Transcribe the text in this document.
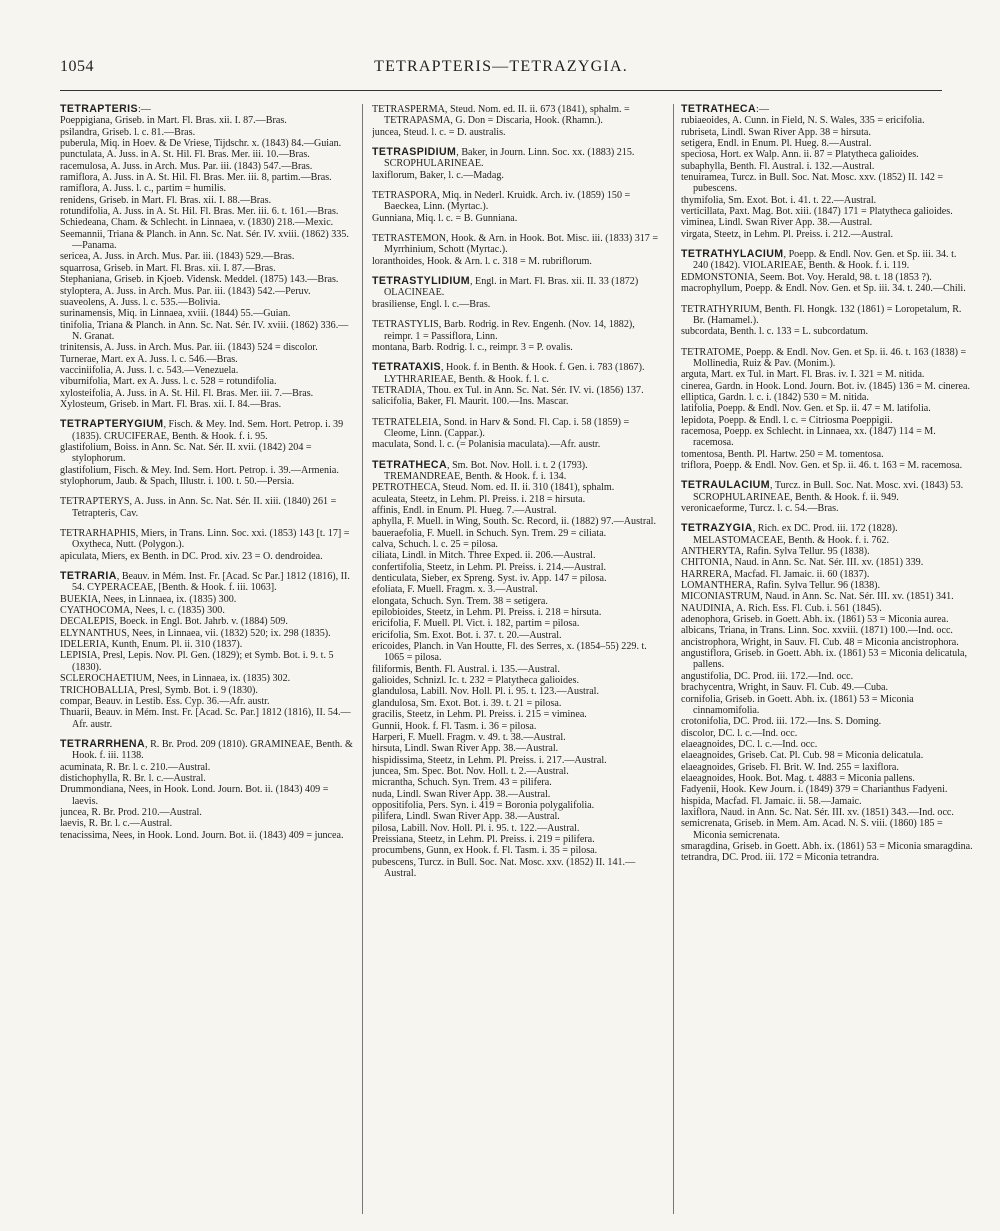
1054	TETRAPTERIS—TETRAZYGIA.

TETRAPTERIS:—

Poeppigiana, Griseb. in Mart. Fl. Bras. xii. I. 87.—Bras.

psilandra, Griseb. l. c. 81.—Bras.

puberula, Miq. in Hoev. & De Vriese, Tijdschr. x. (1843) 84.—Guian.

punctulata, A. Juss. in A. St. Hil. Fl. Bras. Mer. iii. 10.—Bras.

racemulosa, A. Juss. in Arch. Mus. Par. iii. (1843) 547.—Bras.

ramiflora, A. Juss. in A. St. Hil. Fl. Bras. Mer. iii. 8, partim.—Bras.

ramiflora, A. Juss. l. c., partim = humilis.

renidens, Griseb. in Mart. Fl. Bras. xii. I. 88.—Bras.

rotundifolia, A. Juss. in A. St. Hil. Fl. Bras. Mer. iii. 6. t. 161.—Bras.

Schiedeana, Cham. & Schlecht. in Linnaea, v. (1830) 218.—Mexic.

Seemannii, Triana & Planch. in Ann. Sc. Nat. Sér. IV. xviii. (1862) 335.—Panama.

sericea, A. Juss. in Arch. Mus. Par. iii. (1843) 529.—Bras.

squarrosa, Griseb. in Mart. Fl. Bras. xii. I. 87.—Bras.

Stephaniana, Griseb. in Kjoeb. Vidensk. Meddel. (1875) 143.—Bras.

styloptera, A. Juss. in Arch. Mus. Par. iii. (1843) 542.—Peruv.

suaveolens, A. Juss. l. c. 535.—Bolivia.

surinamensis, Miq. in Linnaea, xviii. (1844) 55.—Guian.

tinifolia, Triana & Planch. in Ann. Sc. Nat. Sér. IV. xviii. (1862) 336.—N. Granat.

trinitensis, A. Juss. in Arch. Mus. Par. iii. (1843) 524 = discolor.

Turnerae, Mart. ex A. Juss. l. c. 546.—Bras.

vacciniifolia, A. Juss. l. c. 543.—Venezuela.

viburnifolia, Mart. ex A. Juss. l. c. 528 = rotundifolia.

xylosteifolia, A. Juss. in A. St. Hil. Fl. Bras. Mer. iii. 7.—Bras.

Xylosteum, Griseb. in Mart. Fl. Bras. xii. I. 84.—Bras.

TETRAPTERYGIUM, Fisch. & Mey. Ind. Sem. Hort. Petrop. i. 39 (1835). CRUCIFERAE, Benth. & Hook. f. i. 95.

glastifolium, Boiss. in Ann. Sc. Nat. Sér. II. xvii. (1842) 204 = stylophorum.

glastifolium, Fisch. & Mey. Ind. Sem. Hort. Petrop. i. 39.—Armenia.

stylophorum, Jaub. & Spach, Illustr. i. 100. t. 50.—Persia.

TETRAPTERYS, A. Juss. in Ann. Sc. Nat. Sér. II. xiii. (1840) 261 = Tetrapteris, Cav.

TETRARHAPHIS, Miers, in Trans. Linn. Soc. xxi. (1853) 143 [t. 17] = Oxytheca, Nutt. (Polygon.).

apiculata, Miers, ex Benth. in DC. Prod. xiv. 23 = O. dendroidea.

TETRARIA, Beauv. in Mém. Inst. Fr. [Acad. Sc Par.] 1812 (1816), II. 54. CYPERACEAE, [Benth. & Hook. f. iii. 1063].

BUEKIA, Nees, in Linnaea, ix. (1835) 300.

CYATHOCOMA, Nees, l. c. (1835) 300.

DECALEPIS, Boeck. in Engl. Bot. Jahrb. v. (1884) 509.

ELYNANTHUS, Nees, in Linnaea, vii. (1832) 520; ix. 298 (1835).

IDELERIA, Kunth, Enum. Pl. ii. 310 (1837).

LEPISIA, Presl, Lepis. Nov. Pl. Gen. (1829); et Symb. Bot. i. 9. t. 5 (1830).

SCLEROCHAETIUM, Nees, in Linnaea, ix. (1835) 302.

TRICHOBALLIA, Presl, Symb. Bot. i. 9 (1830).

compar, Beauv. in Lestib. Ess. Cyp. 36.—Afr. austr.

Thuarii, Beauv. in Mém. Inst. Fr. [Acad. Sc. Par.] 1812 (1816), II. 54.—Afr. austr.

TETRARRHENA, R. Br. Prod. 209 (1810). GRAMINEAE, Benth. & Hook. f. iii. 1138.

acuminata, R. Br. l. c. 210.—Austral.

distichophylla, R. Br. l. c.—Austral.

Drummondiana, Nees, in Hook. Lond. Journ. Bot. ii. (1843) 409 = laevis.

juncea, R. Br. Prod. 210.—Austral.

laevis, R. Br. l. c.—Austral.

tenacissima, Nees, in Hook. Lond. Journ. Bot. ii. (1843) 409 = juncea.

TETRASPERMA, Steud. Nom. ed. II. ii. 673 (1841), sphalm. = TETRAPASMA, G. Don = Discaria, Hook. (Rhamn.).

juncea, Steud. l. c. = D. australis.

TETRASPIDIUM, Baker, in Journ. Linn. Soc. xx. (1883) 215. SCROPHULARINEAE.

laxiflorum, Baker, l. c.—Madag.

TETRASPORA, Miq. in Nederl. Kruidk. Arch. iv. (1859) 150 = Baeckea, Linn. (Myrtac.).

Gunniana, Miq. l. c. = B. Gunniana.

TETRASTEMON, Hook. & Arn. in Hook. Bot. Misc. iii. (1833) 317 = Myrrhinium, Schott (Myrtac.).

loranthoides, Hook. & Arn. l. c. 318 = M. rubriflorum.

TETRASTYLIDIUM, Engl. in Mart. Fl. Bras. xii. II. 33 (1872) OLACINEAE.

brasiliense, Engl. l. c.—Bras.

TETRASTYLIS, Barb. Rodrig. in Rev. Engenh. (Nov. 14, 1882), reimpr. 1 = Passiflora, Linn.

montana, Barb. Rodrig. l. c., reimpr. 3 = P. ovalis.

TETRATAXIS, Hook. f. in Benth. & Hook. f. Gen. i. 783 (1867). LYTHRARIEAE, Benth. & Hook. f. l. c.

TETRADIA, Thou. ex Tul. in Ann. Sc. Nat. Sér. IV. vi. (1856) 137.

salicifolia, Baker, Fl. Maurit. 100.—Ins. Mascar.

TETRATELEIA, Sond. in Harv & Sond. Fl. Cap. i. 58 (1859) = Cleome, Linn. (Cappar.).

maculata, Sond. l. c. (= Polanisia maculata).—Afr. austr.

TETRATHECA, Sm. Bot. Nov. Holl. i. t. 2 (1793). TREMANDREAE, Benth. & Hook. f. i. 134.

PETROTHECA, Steud. Nom. ed. II. ii. 310 (1841), sphalm.

aculeata, Steetz, in Lehm. Pl. Preiss. i. 218 = hirsuta.

affinis, Endl. in Enum. Pl. Hueg. 7.—Austral.

aphylla, F. Muell. in Wing, South. Sc. Record, ii. (1882) 97.—Austral.

baueraefolia, F. Muell. in Schuch. Syn. Trem. 29 = ciliata.

calva, Schuch. l. c. 25 = pilosa.

ciliata, Lindl. in Mitch. Three Exped. ii. 206.—Austral.

confertifolia, Steetz, in Lehm. Pl. Preiss. i. 214.—Austral.

denticulata, Sieber, ex Spreng. Syst. iv. App. 147 = pilosa.

efoliata, F. Muell. Fragm. x. 3.—Austral.

elongata, Schuch. Syn. Trem. 38 = setigera.

epilobioides, Steetz, in Lehm. Pl. Preiss. i. 218 = hirsuta.

ericifolia, F. Muell. Pl. Vict. i. 182, partim = pilosa.

ericifolia, Sm. Exot. Bot. i. 37. t. 20.—Austral.

ericoides, Planch. in Van Houtte, Fl. des Serres, x. (1854–55) 229. t. 1065 = pilosa.

filiformis, Benth. Fl. Austral. i. 135.—Austral.

galioides, Schnizl. Ic. t. 232 = Platytheca galioides.

glandulosa, Labill. Nov. Holl. Pl. i. 95. t. 123.—Austral.

glandulosa, Sm. Exot. Bot. i. 39. t. 21 = pilosa.

gracilis, Steetz, in Lehm. Pl. Preiss. i. 215 = viminea.

Gunnii, Hook. f. Fl. Tasm. i. 36 = pilosa.

Harperi, F. Muell. Fragm. v. 49. t. 38.—Austral.

hirsuta, Lindl. Swan River App. 38.—Austral.

hispidissima, Steetz, in Lehm. Pl. Preiss. i. 217.—Austral.

juncea, Sm. Spec. Bot. Nov. Holl. t. 2.—Austral.

micrantha, Schuch. Syn. Trem. 43 = pilifera.

nuda, Lindl. Swan River App. 38.—Austral.

oppositifolia, Pers. Syn. i. 419 = Boronia polygalifolia.

pilifera, Lindl. Swan River App. 38.—Austral.

pilosa, Labill. Nov. Holl. Pl. i. 95. t. 122.—Austral.

Preissiana, Steetz, in Lehm. Pl. Preiss. i. 219 = pilifera.

procumbens, Gunn, ex Hook. f. Fl. Tasm. i. 35 = pilosa.

pubescens, Turcz. in Bull. Soc. Nat. Mosc. xxv. (1852) II. 141.—Austral.

TETRATHECA:—

rubiaeoides, A. Cunn. in Field, N. S. Wales, 335 = ericifolia.

rubriseta, Lindl. Swan River App. 38 = hirsuta.

setigera, Endl. in Enum. Pl. Hueg. 8.—Austral.

speciosa, Hort. ex Walp. Ann. ii. 87 = Platytheca galioides.

subaphylla, Benth. Fl. Austral. i. 132.—Austral.

tenuiramea, Turcz. in Bull. Soc. Nat. Mosc. xxv. (1852) II. 142 = pubescens.

thymifolia, Sm. Exot. Bot. i. 41. t. 22.—Austral.

verticillata, Paxt. Mag. Bot. xiii. (1847) 171 = Platytheca galioides.

viminea, Lindl. Swan River App. 38.—Austral.

virgata, Steetz, in Lehm. Pl. Preiss. i. 212.—Austral.

TETRATHYLACIUM, Poepp. & Endl. Nov. Gen. et Sp. iii. 34. t. 240 (1842). VIOLARIEAE, Benth. & Hook. f. i. 119.

EDMONSTONIA, Seem. Bot. Voy. Herald, 98. t. 18 (1853 ?).

macrophyllum, Poepp. & Endl. Nov. Gen. et Sp. iii. 34. t. 240.—Chili.

TETRATHYRIUM, Benth. Fl. Hongk. 132 (1861) = Loropetalum, R. Br. (Hamamel.).

subcordata, Benth. l. c. 133 = L. subcordatum.

TETRATOME, Poepp. & Endl. Nov. Gen. et Sp. ii. 46. t. 163 (1838) = Mollinedia, Ruiz & Pav. (Monim.).

arguta, Mart. ex Tul. in Mart. Fl. Bras. iv. I. 321 = M. nitida.

cinerea, Gardn. in Hook. Lond. Journ. Bot. iv. (1845) 136 = M. cinerea.

elliptica, Gardn. l. c. i. (1842) 530 = M. nitida.

latifolia, Poepp. & Endl. Nov. Gen. et Sp. ii. 47 = M. latifolia.

lepidota, Poepp. & Endl. l. c. = Citriosma Poeppigii.

racemosa, Poepp. ex Schlecht. in Linnaea, xx. (1847) 114 = M. racemosa.

tomentosa, Benth. Pl. Hartw. 250 = M. tomentosa.

triflora, Poepp. & Endl. Nov. Gen. et Sp. ii. 46. t. 163 = M. racemosa.

TETRAULACIUM, Turcz. in Bull. Soc. Nat. Mosc. xvi. (1843) 53. SCROPHULARINEAE, Benth. & Hook. f. ii. 949.

veronicaeforme, Turcz. l. c. 54.—Bras.

TETRAZYGIA, Rich. ex DC. Prod. iii. 172 (1828). MELASTOMACEAE, Benth. & Hook. f. i. 762.

ANTHERYTA, Rafin. Sylva Tellur. 95 (1838).

CHITONIA, Naud. in Ann. Sc. Nat. Sér. III. xv. (1851) 339.

HARRERA, Macfad. Fl. Jamaic. ii. 60 (1837).

LOMANTHERA, Rafin. Sylva Tellur. 96 (1838).

MICONIASTRUM, Naud. in Ann. Sc. Nat. Sér. III. xv. (1851) 341.

NAUDINIA, A. Rich. Ess. Fl. Cub. i. 561 (1845).

adenophora, Griseb. in Goett. Abh. ix. (1861) 53 = Miconia aurea.

albicans, Triana, in Trans. Linn. Soc. xxviii. (1871) 100.—Ind. occ.

ancistrophora, Wright, in Sauv. Fl. Cub. 48 = Miconia ancistrophora.

angustiflora, Griseb. in Goett. Abh. ix. (1861) 53 = Miconia delicatula, pallens.

angustifolia, DC. Prod. iii. 172.—Ind. occ.

brachycentra, Wright, in Sauv. Fl. Cub. 49.—Cuba.

cornifolia, Griseb. in Goett. Abh. ix. (1861) 53 = Miconia cinnamomifolia.

crotonifolia, DC. Prod. iii. 172.—Ins. S. Doming.

discolor, DC. l. c.—Ind. occ.

elaeagnoides, DC. l. c.—Ind. occ.

elaeagnoides, Griseb. Cat. Pl. Cub. 98 = Miconia delicatula.

elaeagnoides, Griseb. Fl. Brit. W. Ind. 255 = laxiflora.

elaeagnoides, Hook. Bot. Mag. t. 4883 = Miconia pallens.

Fadyenii, Hook. Kew Journ. i. (1849) 379 = Charianthus Fadyeni.

hispida, Macfad. Fl. Jamaic. ii. 58.—Jamaic.

laxiflora, Naud. in Ann. Sc. Nat. Sér. III. xv. (1851) 343.—Ind. occ.

semicrenata, Griseb. in Mem. Am. Acad. N. S. viii. (1860) 185 = Miconia semicrenata.

smaragdina, Griseb. in Goett. Abh. ix. (1861) 53 = Miconia smaragdina.

tetrandra, DC. Prod. iii. 172 = Miconia tetrandra.
